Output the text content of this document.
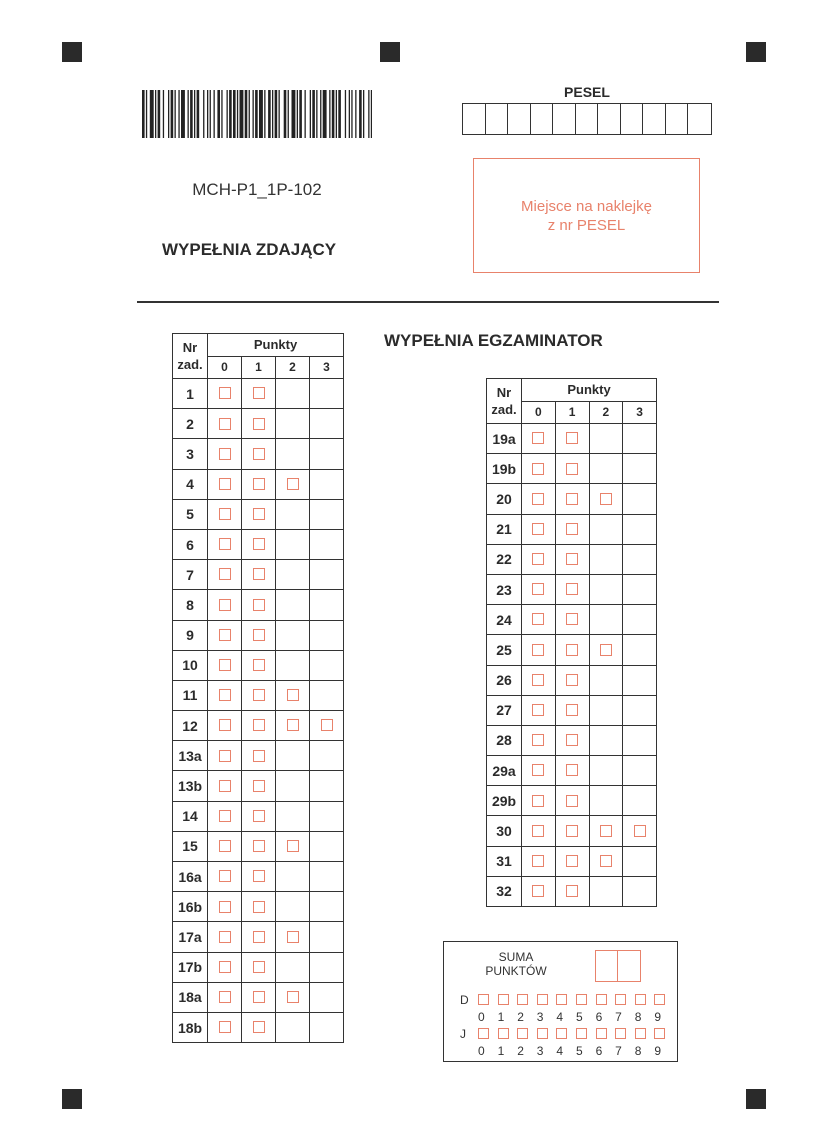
MCH-P1_1P-102
WYPEŁNIA ZDAJĄCY
PESEL
Miejsce na naklejkę
z nr PESEL
WYPEŁNIA EGZAMINATOR
Nr
zad.	Punkty			
	0	1	2	3
1				
2				
3				
4				
5				
6				
7				
8				
9				
10				
11				
12				
13a				
13b				
14				
15				
16a				
16b				
17a				
17b				
18a				
18b				
Nr
zad.	Punkty			
	0	1	2	3
19a				
19b				
20				
21				
22				
23				
24				
25				
26				
27				
28				
29a				
29b				
30				
31				
32				
SUMA
PUNKTÓW
D
0	1	2	3	4	5	6	7	8	9
J
0	1	2	3	4	5	6	7	8	9
